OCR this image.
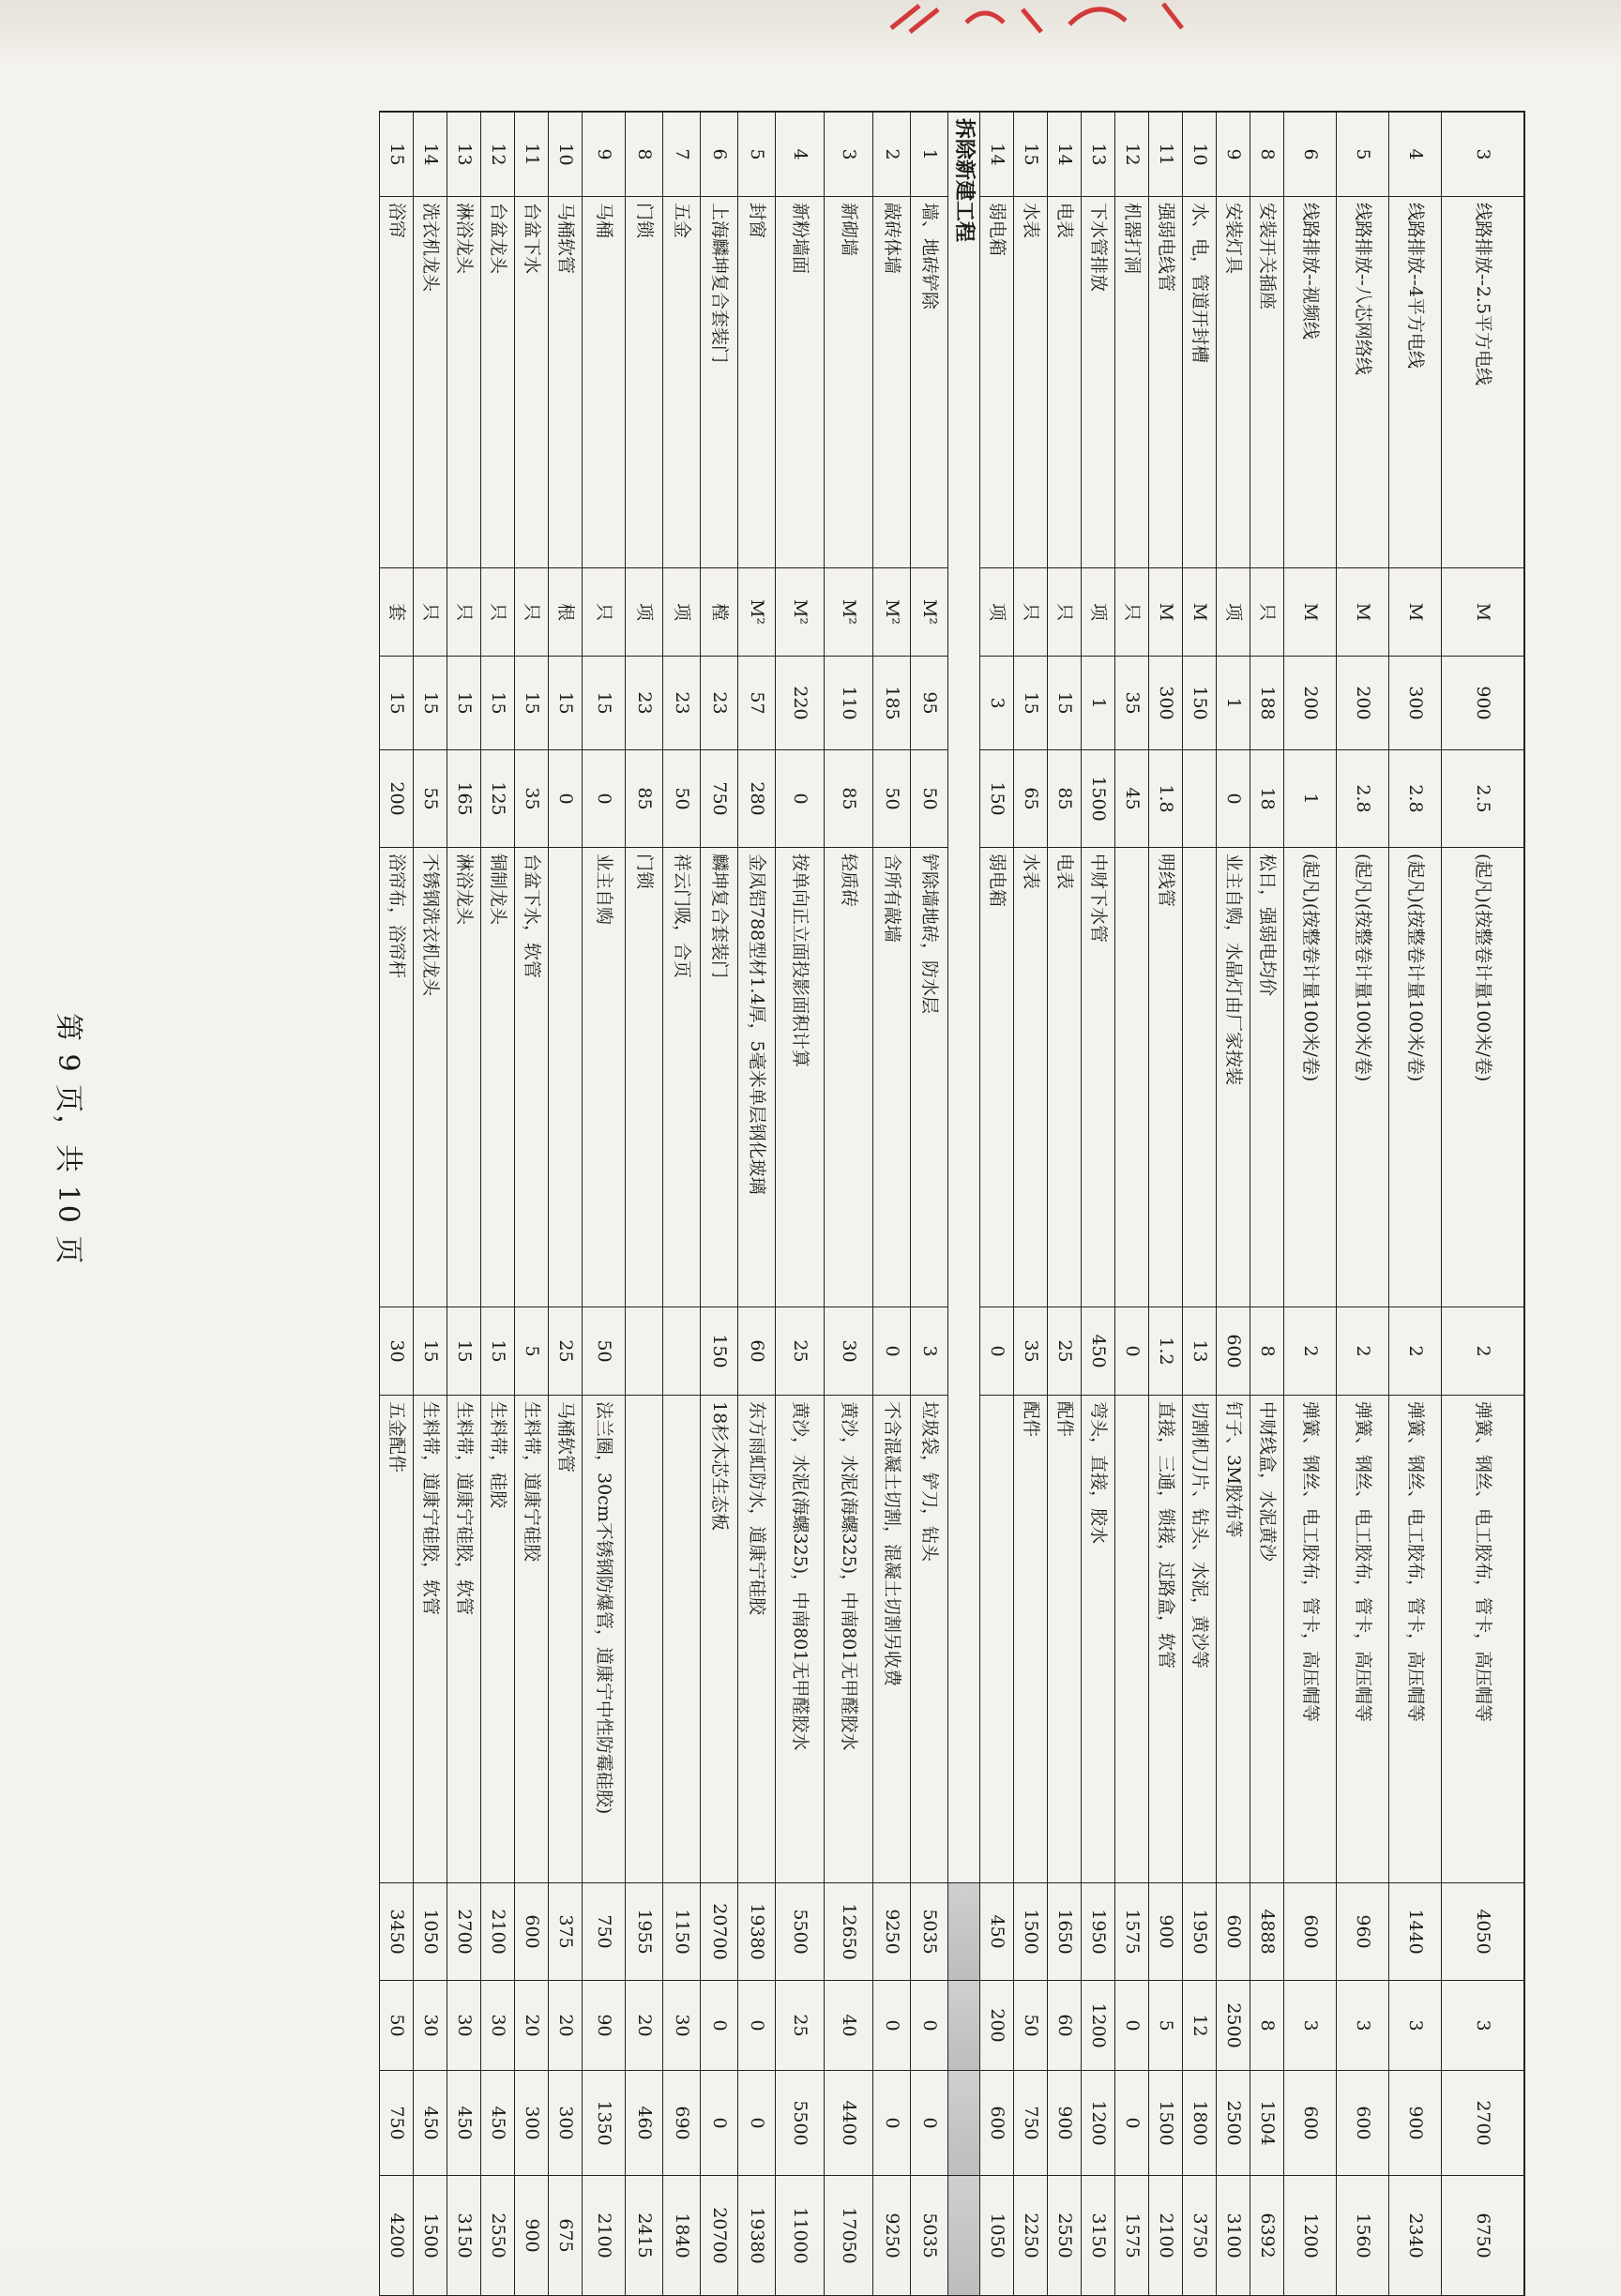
3
线路排放--2.5平方电线
M
900
2.5
(起凡)(按整卷计量100米/卷)
2
弹簧、钢丝、电工胶布，管卡，高压帽等
4050
3
2700
6750
4
线路排放--4平方电线
M
300
2.8
(起凡)(按整卷计量100米/卷)
2
弹簧、钢丝、电工胶布，管卡，高压帽等
1440
3
900
2340
5
线路排放--八芯网络线
M
200
2.8
(起凡)(按整卷计量100米/卷)
2
弹簧、钢丝、电工胶布，管卡，高压帽等
960
3
600
1560
6
线路排放--视频线
M
200
1
(起凡)(按整卷计量100米/卷)
2
弹簧、钢丝、电工胶布，管卡，高压帽等
600
3
600
1200
8
安装开关插座
只
188
18
松日，强弱电均价
8
中财线盒，水泥黄沙
4888
8
1504
6392
9
安装灯具
项
1
0
业主自购，水晶灯由厂家按装
600
钉子、3M胶布等
600
2500
2500
3100
10
水、电，管道开封槽
M
150
13
切割机刀片、钻头、水泥，黄沙等
1950
12
1800
3750
11
强弱电线管
M
300
1.8
明线管
1.2
直接，三通，锁接，过路盒，软管
900
5
1500
2100
12
机器打洞
只
35
45
0
1575
0
0
1575
13
下水管排放
项
1
1500
中财下水管
450
弯头，直接，胶水
1950
1200
1200
3150
14
电表
只
15
85
电表
25
配件
1650
60
900
2550
15
水表
只
15
65
水表
35
配件
1500
50
750
2250
14
弱电箱
项
3
150
弱电箱
0
450
200
600
1050
拆除新建工程
1
墙、地砖铲除
M²
95
50
铲除墙地砖，防水层
3
垃圾袋，铲刀，钻头
5035
0
0
5035
2
敲砖体墙
M²
185
50
含所有敲墙
0
不含混凝土切割，混凝土切割另收费
9250
0
0
9250
3
新砌墙
M²
110
85
轻质砖
30
黄沙，水泥(海螺325)，中南801无甲醛胶水
12650
40
4400
17050
4
新粉墙面
M²
220
0
按单向正立面投影面积计算
25
黄沙，水泥(海螺325)，中南801无甲醛胶水
5500
25
5500
11000
5
封窗
M²
57
280
金凤铝788型材1.4厚，5毫米单层钢化玻璃
60
东方雨虹防水，道康宁硅胶
19380
0
0
19380
6
上海麟坤复合套装门
樘
23
750
麟坤复合套装门
150
18杉木芯生态板
20700
0
0
20700
7
五金
项
23
50
祥云门吸，合页
1150
30
690
1840
8
门锁
项
23
85
门锁
1955
20
460
2415
9
马桶
只
15
0
业主自购
50
法兰圈，30cm不锈钢防爆管，道康宁中性防霉硅胶)
750
90
1350
2100
10
马桶软管
根
15
0
25
马桶软管
375
20
300
675
11
台盆下水
只
15
35
台盆下水，软管
5
生料带，道康宁硅胶
600
20
300
900
12
台盆龙头
只
15
125
铜制龙头
15
生料带，硅胶
2100
30
450
2550
13
淋浴龙头
只
15
165
淋浴龙头
15
生料带，道康宁硅胶，软管
2700
30
450
3150
14
洗衣机龙头
只
15
55
不锈钢洗衣机龙头
15
生料带，道康宁硅胶，软管
1050
30
450
1500
15
浴帘
套
15
200
浴帘布，浴帘杆
30
五金配件
3450
50
750
4200
第 9 页，共 10 页
